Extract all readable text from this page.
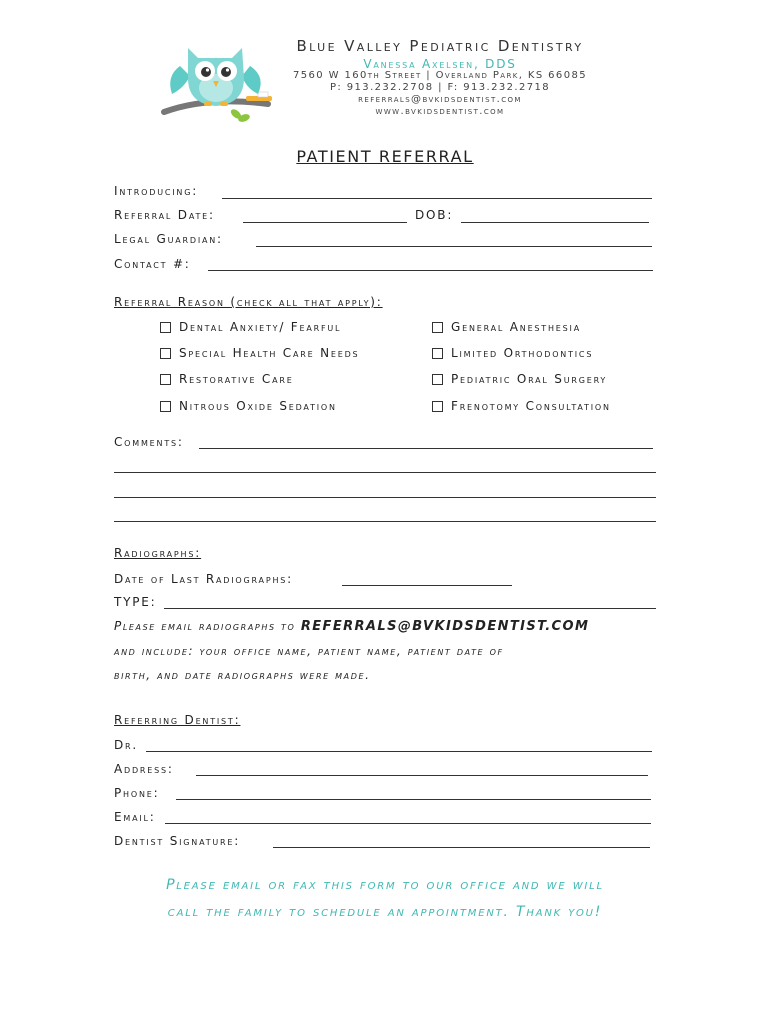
Blue Valley Pediatric Dentistry
Vanessa Axelsen, DDS
7560 W 160th Street | Overland Park, KS 66085
P: 913.232.2708 | F: 913.232.2718
referrals@bvkidsdentist.com
www.bvkidsdentist.com
PATIENT REFERRAL
Introducing:
Referral Date:	DOB:
Legal Guardian:
Contact #:
Referral Reason (check all that apply):
Dental Anxiety/ Fearful
Special Health Care Needs
Restorative Care
Nitrous Oxide Sedation
General Anesthesia
Limited Orthodontics
Pediatric Oral Surgery
Frenotomy Consultation
Comments:
Radiographs:
Date of Last Radiographs:
TYPE:
Please email radiographs to REFERRALS@BVKIDSDENTIST.COM
and include: your office name, patient name, patient date of
birth, and date radiographs were made.
Referring Dentist:
Dr.
Address:
Phone:
Email:
Dentist Signature:
Please email or fax this form to our office and we will
call the family to schedule an appointment. Thank you!
